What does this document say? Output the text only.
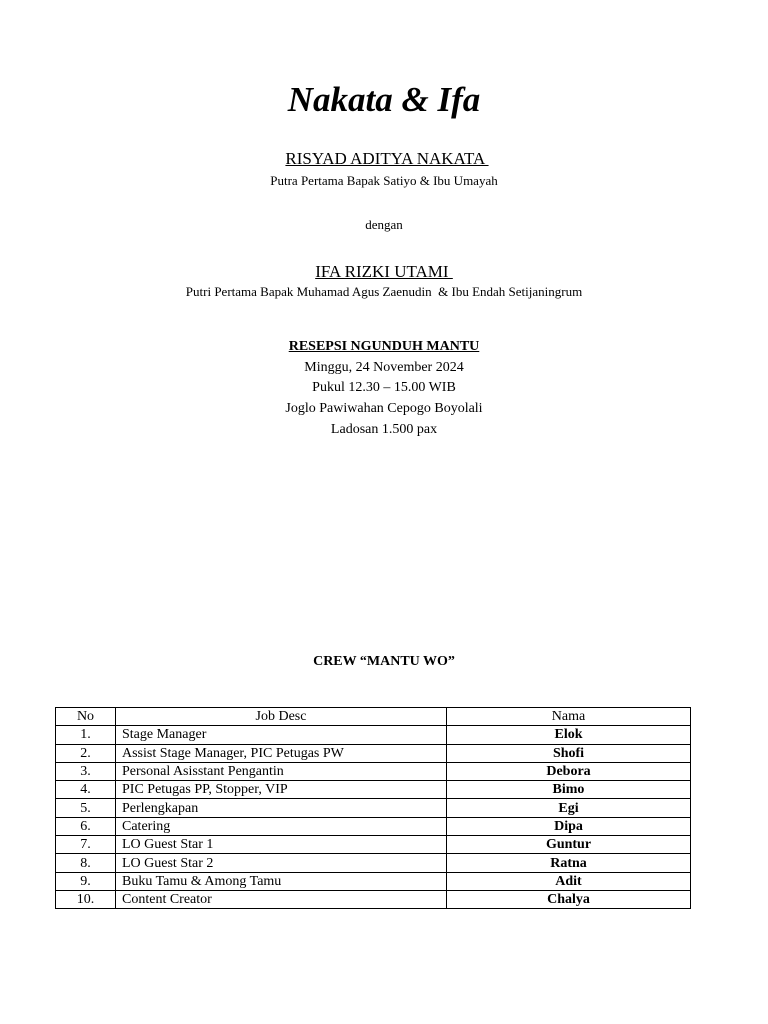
Nakata & Ifa
RISYAD ADITYA NAKATA
Putra Pertama Bapak Satiyo & Ibu Umayah
dengan
IFA RIZKI UTAMI
Putri Pertama Bapak Muhamad Agus Zaenudin  & Ibu Endah Setijaningrum
RESEPSI NGUNDUH MANTU
Minggu, 24 November 2024
Pukul 12.30 – 15.00 WIB
Joglo Pawiwahan Cepogo Boyolali
Ladosan 1.500 pax
CREW “MANTU WO”
No	Job Desc	Nama
1.	Stage Manager	Elok
2.	Assist Stage Manager, PIC Petugas PW	Shofi
3.	Personal Asisstant Pengantin	Debora
4.	PIC Petugas PP, Stopper, VIP	Bimo
5.	Perlengkapan	Egi
6.	Catering	Dipa
7.	LO Guest Star 1	Guntur
8.	LO Guest Star 2	Ratna
9.	Buku Tamu & Among Tamu	Adit
10.	Content Creator	Chalya
